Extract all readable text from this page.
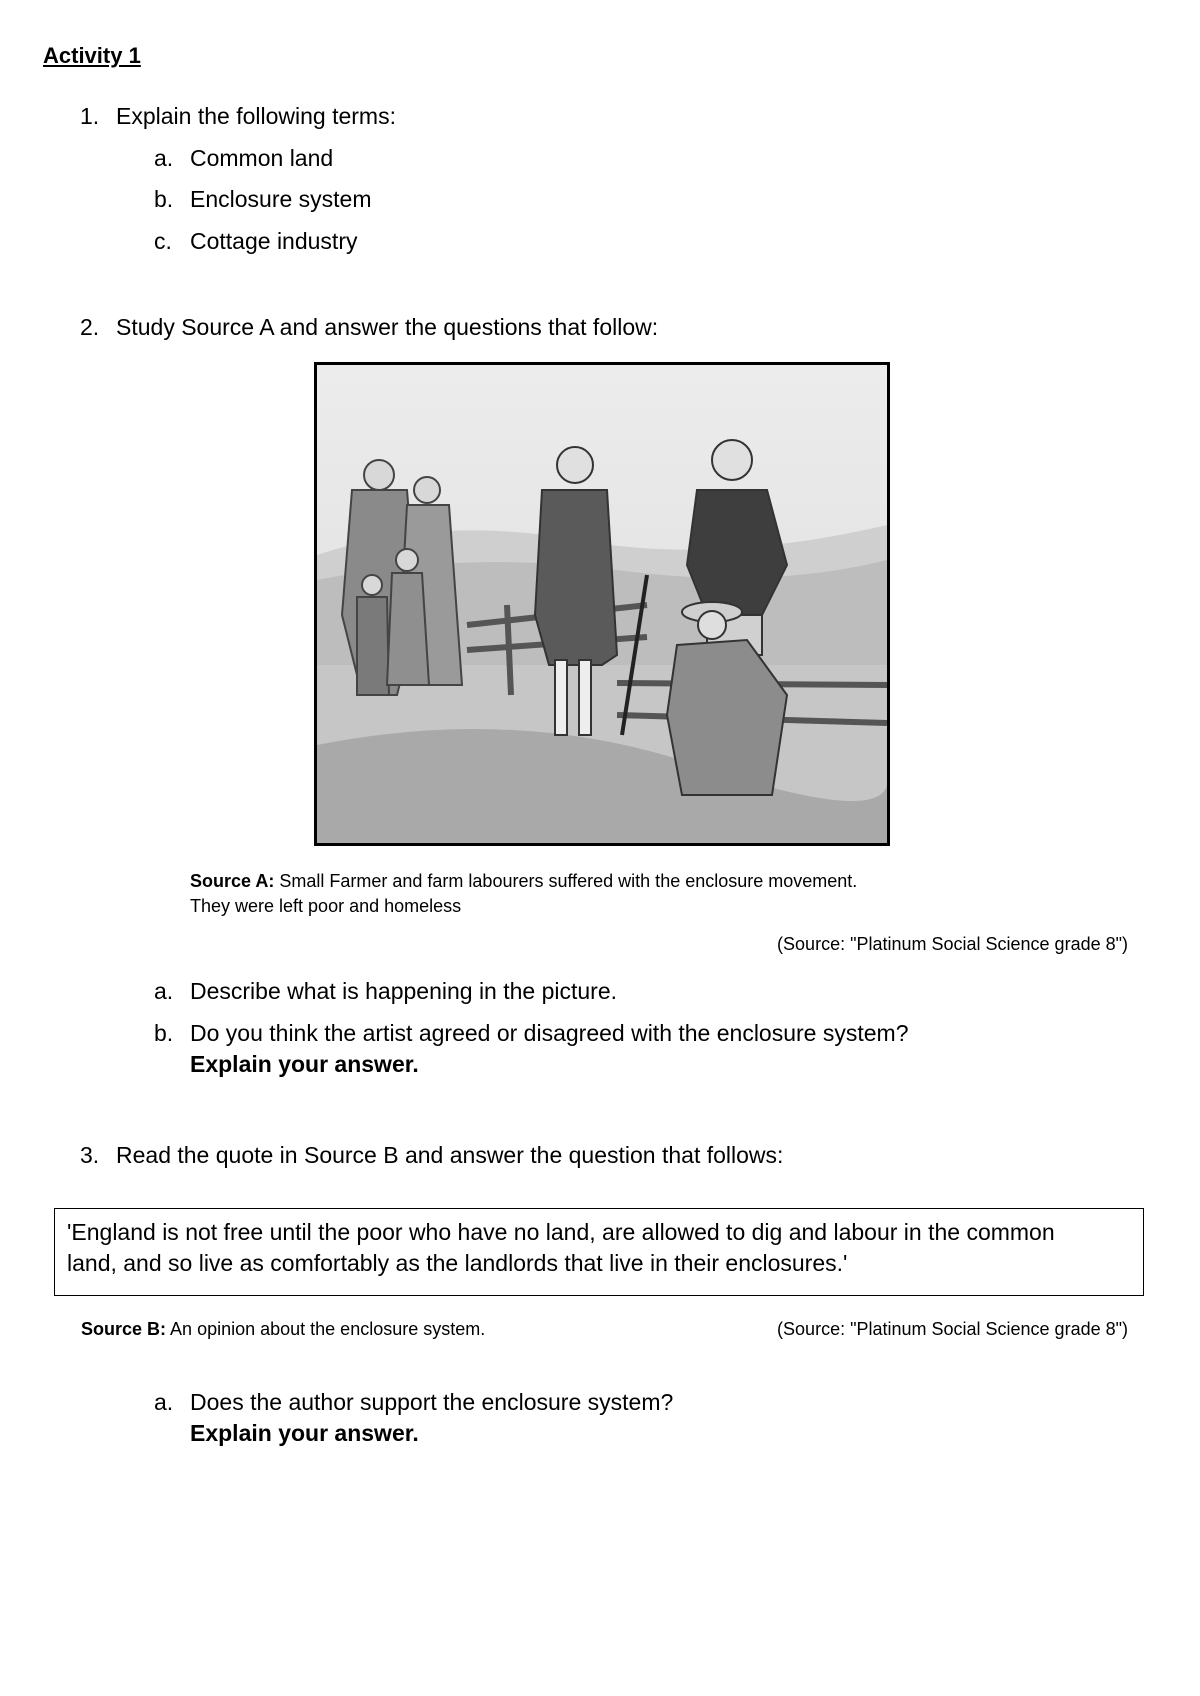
Activity 1
1. Explain the following terms:
a. Common land
b. Enclosure system
c. Cottage industry
2. Study Source A and answer the questions that follow:
Source A: Small Farmer and farm labourers suffered with the enclosure movement.
They were left poor and homeless
(Source: "Platinum Social Science grade 8")
a. Describe what is happening in the picture.
b. Do you think the artist agreed or disagreed with the enclosure system?
Explain your answer.
3. Read the quote in Source B and answer the question that follows:
'England is not free until the poor who have no land, are allowed to dig and labour in the common
land, and so live as comfortably as the landlords that live in their enclosures.'
Source B: An opinion about the enclosure system.	(Source: "Platinum Social Science grade 8")
a. Does the author support the enclosure system?
Explain your answer.
